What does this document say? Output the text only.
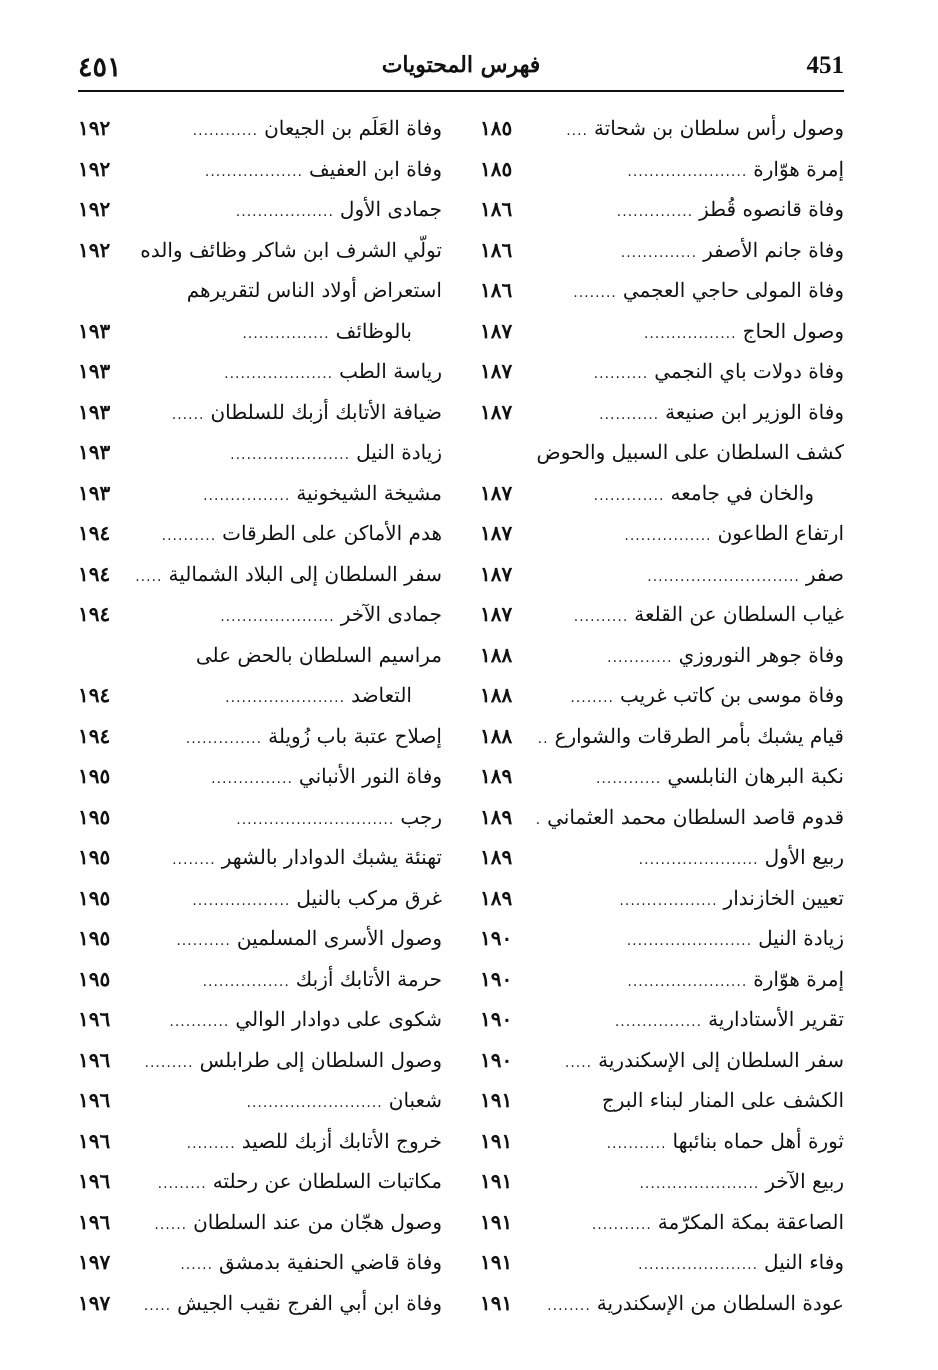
٤٥١	فهرس المحتويات	451
وصول رأس سلطان بن شحاتة
....
١٨٥
إمرة هوّارة
......................
١٨٥
وفاة قانصوه قُطز
..............
١٨٦
وفاة جانم الأصفر
..............
١٨٦
وفاة المولى حاجي العجمي
........
١٨٦
وصول الحاج
.................
١٨٧
وفاة دولات باي النجمي
..........
١٨٧
وفاة الوزير ابن صنيعة
...........
١٨٧
كشف السلطان على السبيل والحوض
والخان في جامعه
.............
١٨٧
ارتفاع الطاعون
................
١٨٧
صفر
............................
١٨٧
غياب السلطان عن القلعة
..........
١٨٧
وفاة جوهر النوروزي
............
١٨٨
وفاة موسى بن كاتب غريب
........
١٨٨
قيام يشبك بأمر الطرقات والشوارع
..
١٨٨
نكبة البرهان النابلسي
............
١٨٩
قدوم قاصد السلطان محمد العثماني
.
١٨٩
ربيع الأول
......................
١٨٩
تعيين الخازندار
..................
١٨٩
زيادة النيل
.......................
١٩٠
إمرة هوّارة
......................
١٩٠
تقرير الأستادارية
................
١٩٠
سفر السلطان إلى الإسكندرية
.....
١٩٠
الكشف على المنار لبناء البرج
١٩١
ثورة أهل حماه بنائبها
...........
١٩١
ربيع الآخر
......................
١٩١
الصاعقة بمكة المكرّمة
...........
١٩١
وفاء النيل
......................
١٩١
عودة السلطان من الإسكندرية
........
١٩١
وفاة العَلَم بن الجيعان
............
١٩٢
وفاة ابن العفيف
..................
١٩٢
جمادى الأول
..................
١٩٢
تولّي الشرف ابن شاكر وظائف والده
١٩٢
استعراض أولاد الناس لتقريرهم
بالوظائف
................
١٩٣
رياسة الطب
....................
١٩٣
ضيافة الأتابك أزبك للسلطان
......
١٩٣
زيادة النيل
......................
١٩٣
مشيخة الشيخونية
................
١٩٣
هدم الأماكن على الطرقات
..........
١٩٤
سفر السلطان إلى البلاد الشمالية
.....
١٩٤
جمادى الآخر
.....................
١٩٤
مراسيم السلطان بالحض على
التعاضد
......................
١٩٤
إصلاح عتبة باب زُويلة
..............
١٩٤
وفاة النور الأنباني
...............
١٩٥
رجب
.............................
١٩٥
تهنئة يشبك الدوادار بالشهر
........
١٩٥
غرق مركب بالنيل
..................
١٩٥
وصول الأسرى المسلمين
..........
١٩٥
حرمة الأتابك أزبك
................
١٩٥
شكوى على دوادار الوالي
...........
١٩٦
وصول السلطان إلى طرابلس
.........
١٩٦
شعبان
.........................
١٩٦
خروج الأتابك أزبك للصيد
.........
١٩٦
مكاتبات السلطان عن رحلته
.........
١٩٦
وصول هجّان من عند السلطان
......
١٩٦
وفاة قاضي الحنفية بدمشق
......
١٩٧
وفاة ابن أبي الفرج نقيب الجيش
.....
١٩٧
